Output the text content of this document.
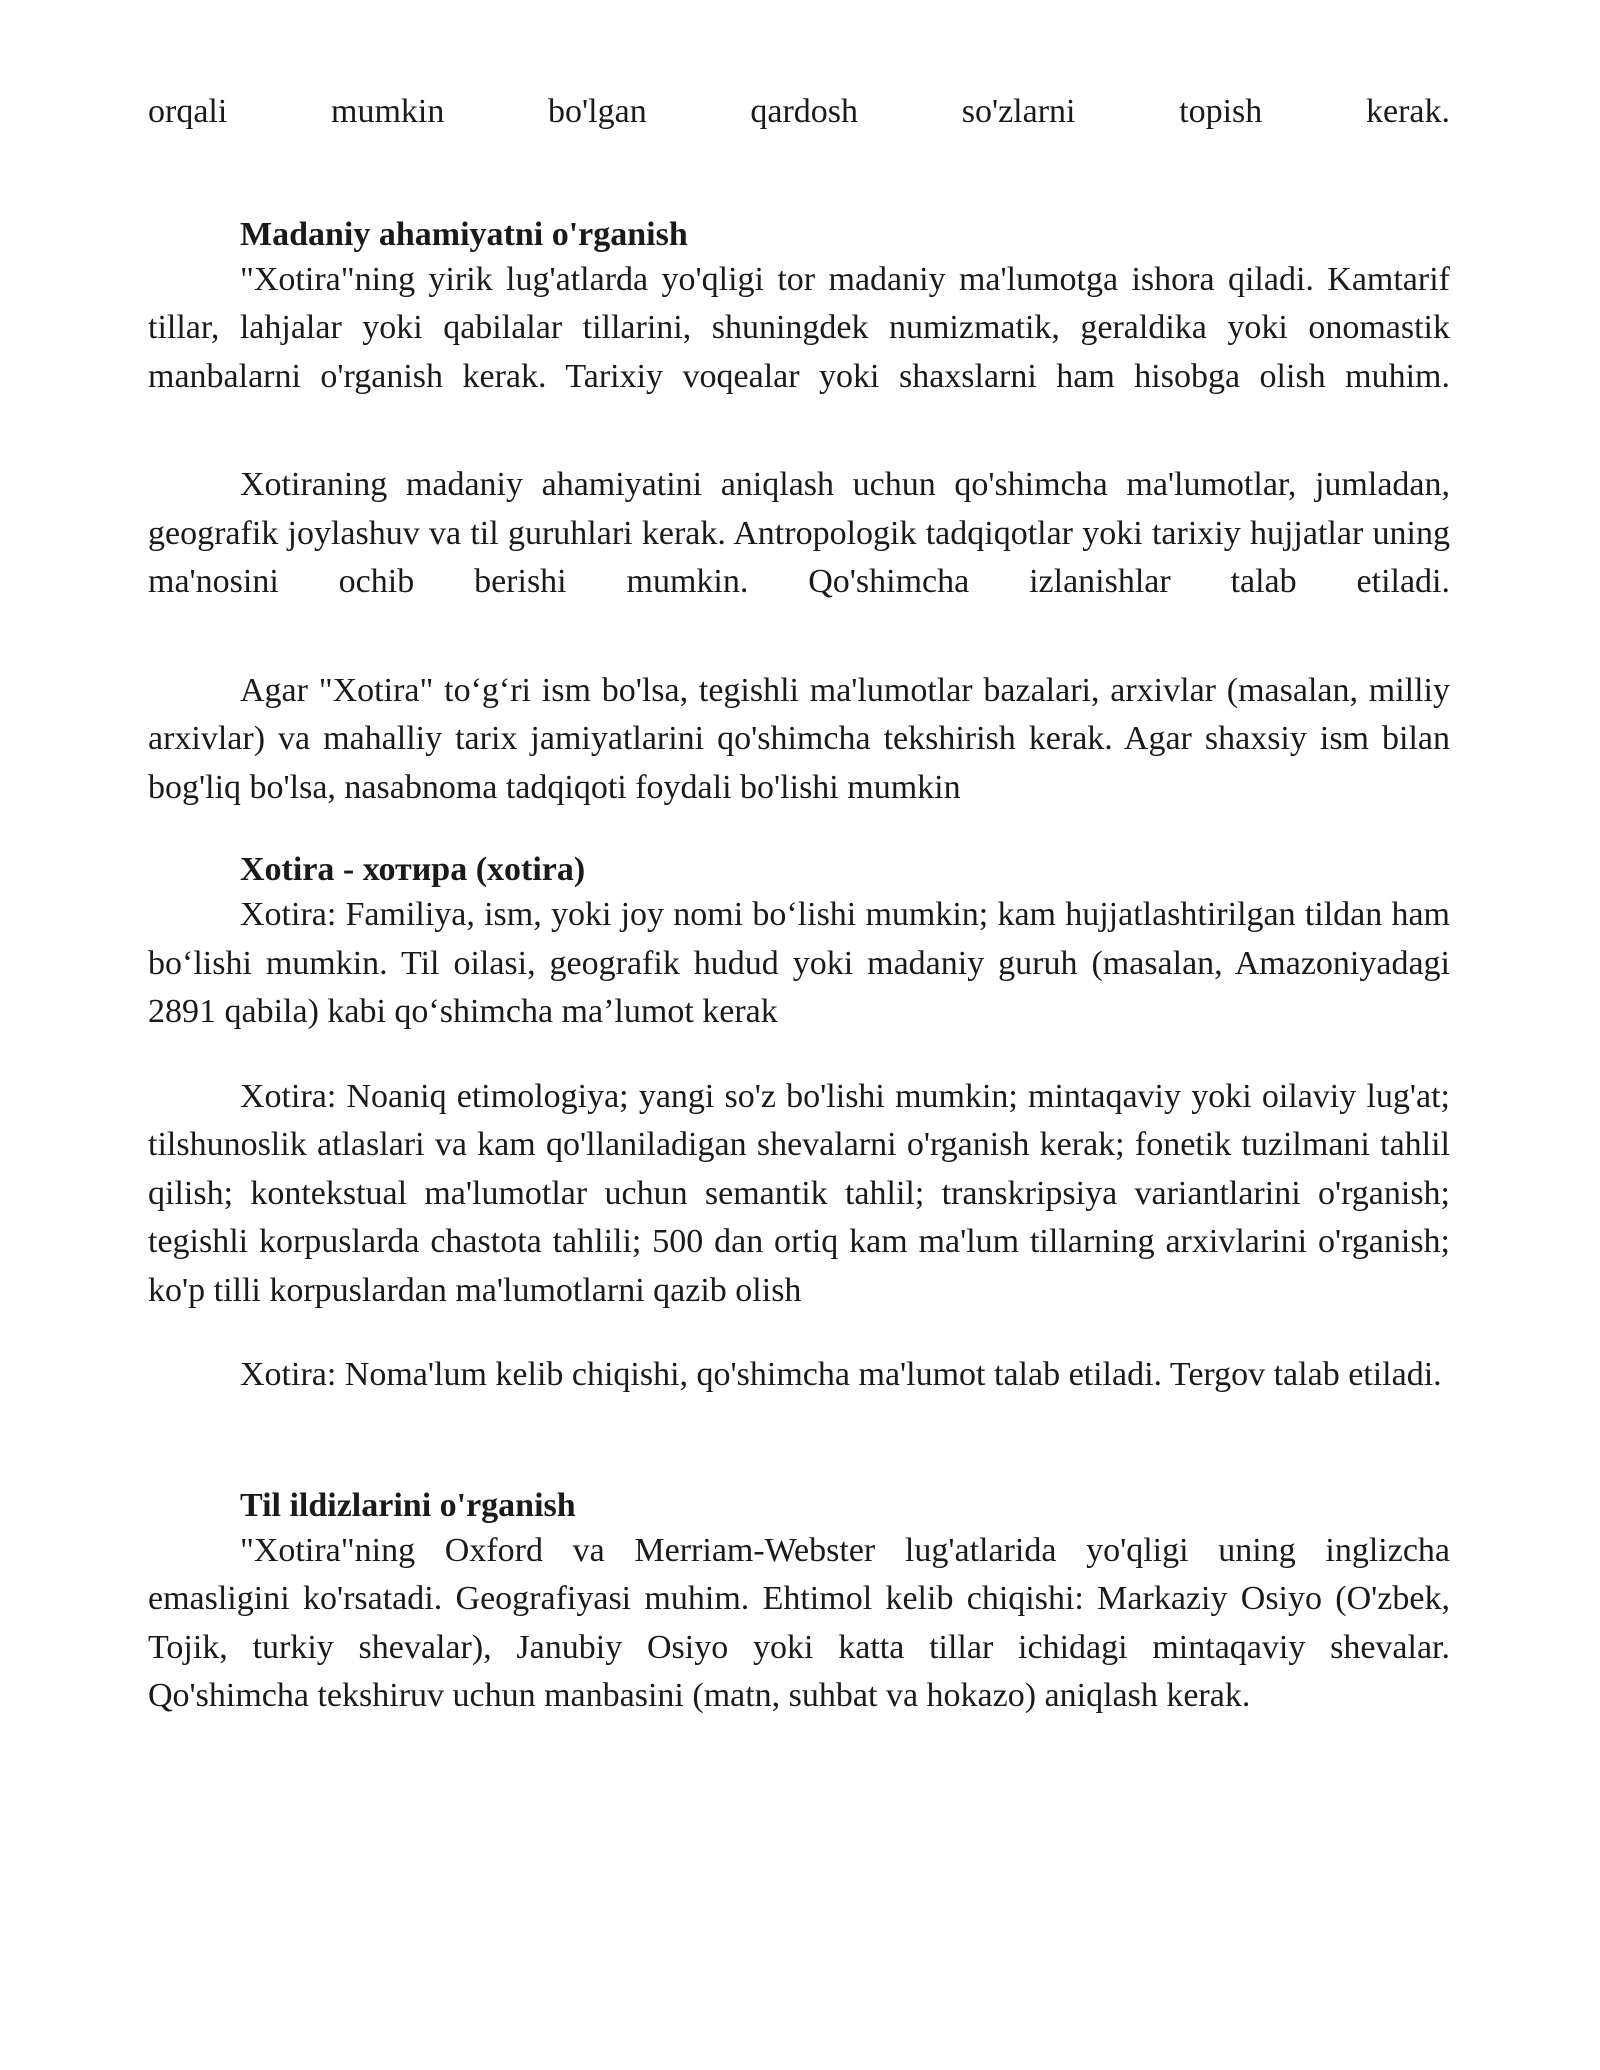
orqali mumkin bo'lgan qardosh so'zlarni topish kerak.

Madaniy ahamiyatni o'rganish

"Xotira"ning yirik lug'atlarda yo'qligi tor madaniy ma'lumotga ishora qiladi. Kamtarif tillar, lahjalar yoki qabilalar tillarini, shuningdek numizmatik, geraldika yoki onomastik manbalarni o'rganish kerak. Tarixiy voqealar yoki shaxslarni ham hisobga olish muhim.

Xotiraning madaniy ahamiyatini aniqlash uchun qo'shimcha ma'lumotlar, jumladan, geografik joylashuv va til guruhlari kerak. Antropologik tadqiqotlar yoki tarixiy hujjatlar uning ma'nosini ochib berishi mumkin. Qo'shimcha izlanishlar talab etiladi.

Agar "Xotira" to‘g‘ri ism bo'lsa, tegishli ma'lumotlar bazalari, arxivlar (masalan, milliy arxivlar) va mahalliy tarix jamiyatlarini qo'shimcha tekshirish kerak. Agar shaxsiy ism bilan bog'liq bo'lsa, nasabnoma tadqiqoti foydali bo'lishi mumkin

Xotira - хотира (xotira)

Xotira: Familiya, ism, yoki joy nomi bo‘lishi mumkin; kam hujjatlashtirilgan tildan ham bo‘lishi mumkin. Til oilasi, geografik hudud yoki madaniy guruh (masalan, Amazoniyadagi 2891 qabila) kabi qo‘shimcha ma’lumot kerak

Xotira: Noaniq etimologiya; yangi so'z bo'lishi mumkin; mintaqaviy yoki oilaviy lug'at; tilshunoslik atlaslari va kam qo'llaniladigan shevalarni o'rganish kerak; fonetik tuzilmani tahlil qilish; kontekstual ma'lumotlar uchun semantik tahlil; transkripsiya variantlarini o'rganish; tegishli korpuslarda chastota tahlili; 500 dan ortiq kam ma'lum tillarning arxivlarini o'rganish; ko'p tilli korpuslardan ma'lumotlarni qazib olish

Xotira: Noma'lum kelib chiqishi, qo'shimcha ma'lumot talab etiladi. Tergov talab etiladi.

Til ildizlarini o'rganish

"Xotira"ning Oxford va Merriam-Webster lug'atlarida yo'qligi uning inglizcha emasligini ko'rsatadi. Geografiyasi muhim. Ehtimol kelib chiqishi: Markaziy Osiyo (O'zbek, Tojik, turkiy shevalar), Janubiy Osiyo yoki katta tillar ichidagi mintaqaviy shevalar. Qo'shimcha tekshiruv uchun manbasini (matn, suhbat va hokazo) aniqlash kerak.
